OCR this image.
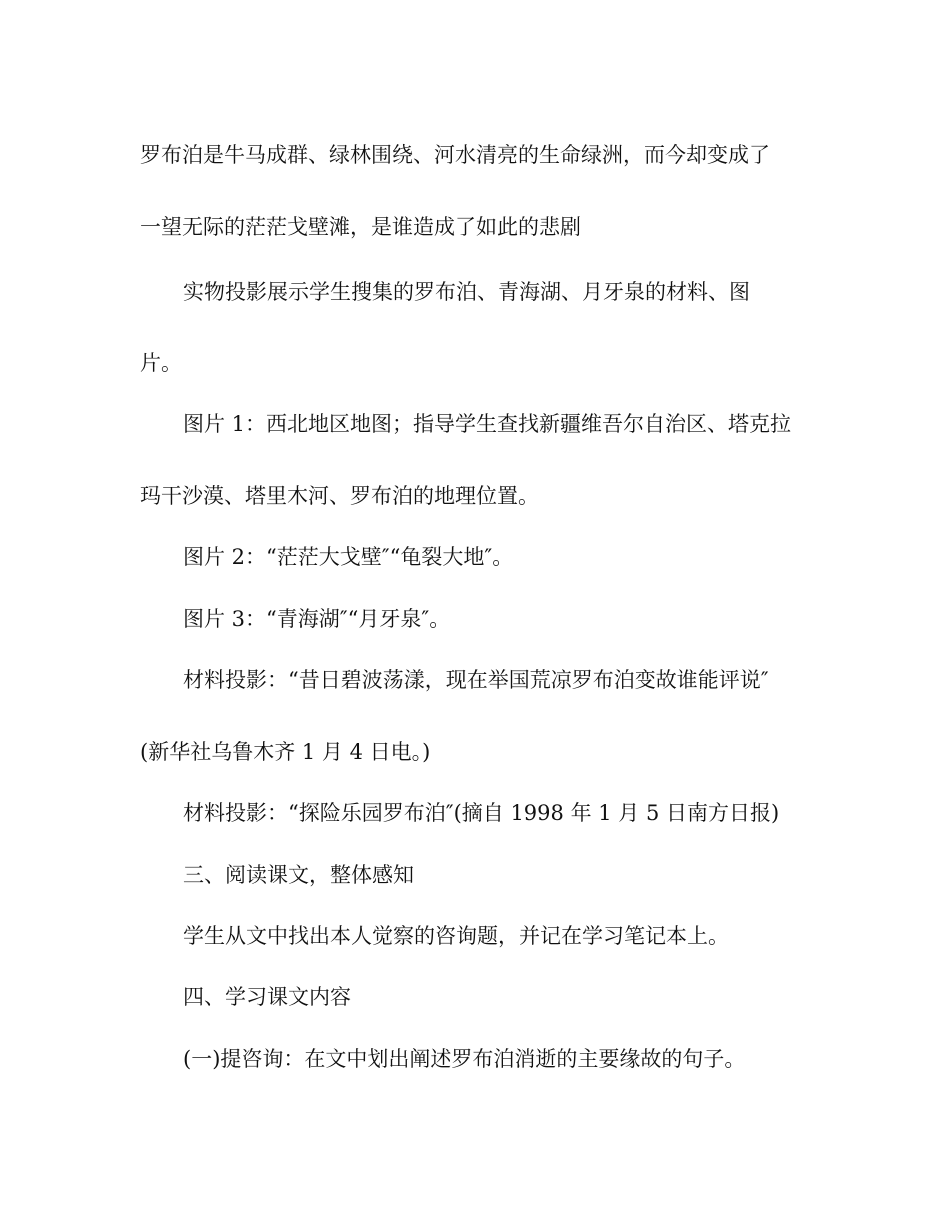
罗布泊是牛马成群、绿林围绕、河水清亮的生命绿洲，而今却变成了
一望无际的茫茫戈壁滩，是谁造成了如此的悲剧
实物投影展示学生搜集的罗布泊、青海湖、月牙泉的材料、图
片。
图片 1：西北地区地图；指导学生查找新疆维吾尔自治区、塔克拉
玛干沙漠、塔里木河、罗布泊的地理位置。
图片 2：“茫茫大戈壁″“龟裂大地″。
图片 3：“青海湖″“月牙泉″。
材料投影：“昔日碧波荡漾，现在举国荒凉罗布泊变故谁能评说″
(新华社乌鲁木齐 1 月 4 日电。)
材料投影：“探险乐园罗布泊″(摘自 1998 年 1 月 5 日南方日报)
三、阅读课文，整体感知
学生从文中找出本人觉察的咨询题，并记在学习笔记本上。
四、学习课文内容
(一)提咨询：在文中划出阐述罗布泊消逝的主要缘故的句子。
